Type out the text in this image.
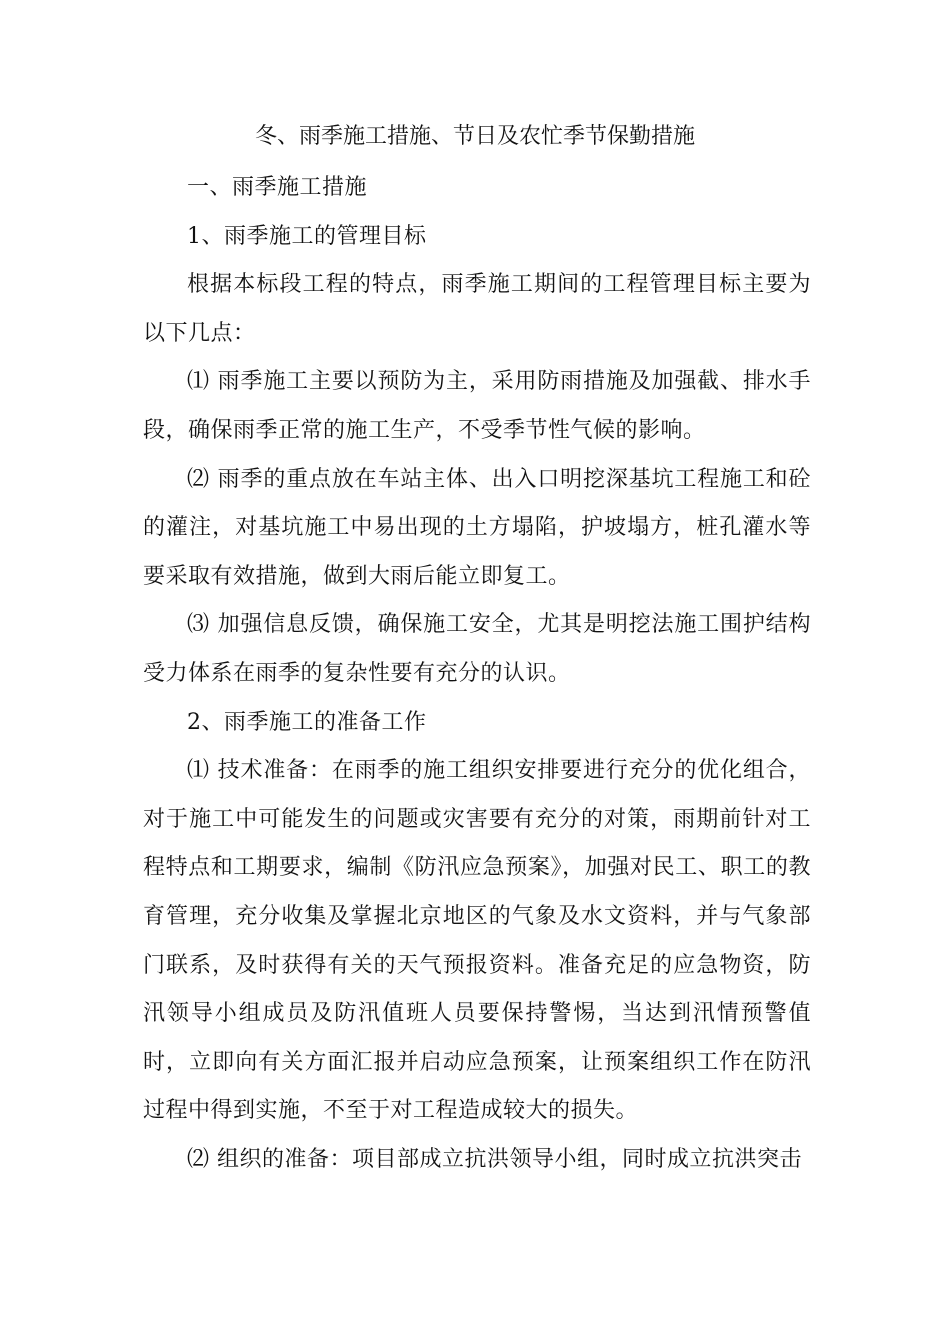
冬、雨季施工措施、节日及农忙季节保勤措施

一、雨季施工措施

1、雨季施工的管理目标

根据本标段工程的特点，雨季施工期间的工程管理目标主要为以下几点：

⑴ 雨季施工主要以预防为主，采用防雨措施及加强截、排水手段，确保雨季正常的施工生产，不受季节性气候的影响。

⑵ 雨季的重点放在车站主体、出入口明挖深基坑工程施工和砼的灌注，对基坑施工中易出现的土方塌陷，护坡塌方，桩孔灌水等要采取有效措施，做到大雨后能立即复工。

⑶ 加强信息反馈，确保施工安全，尤其是明挖法施工围护结构受力体系在雨季的复杂性要有充分的认识。

2、雨季施工的准备工作

⑴ 技术准备：在雨季的施工组织安排要进行充分的优化组合，对于施工中可能发生的问题或灾害要有充分的对策，雨期前针对工程特点和工期要求，编制《防汛应急预案》，加强对民工、职工的教育管理，充分收集及掌握北京地区的气象及水文资料，并与气象部门联系，及时获得有关的天气预报资料。准备充足的应急物资，防汛领导小组成员及防汛值班人员要保持警惕，当达到汛情预警值时，立即向有关方面汇报并启动应急预案，让预案组织工作在防汛过程中得到实施，不至于对工程造成较大的损失。

⑵ 组织的准备：项目部成立抗洪领导小组，同时成立抗洪突击
